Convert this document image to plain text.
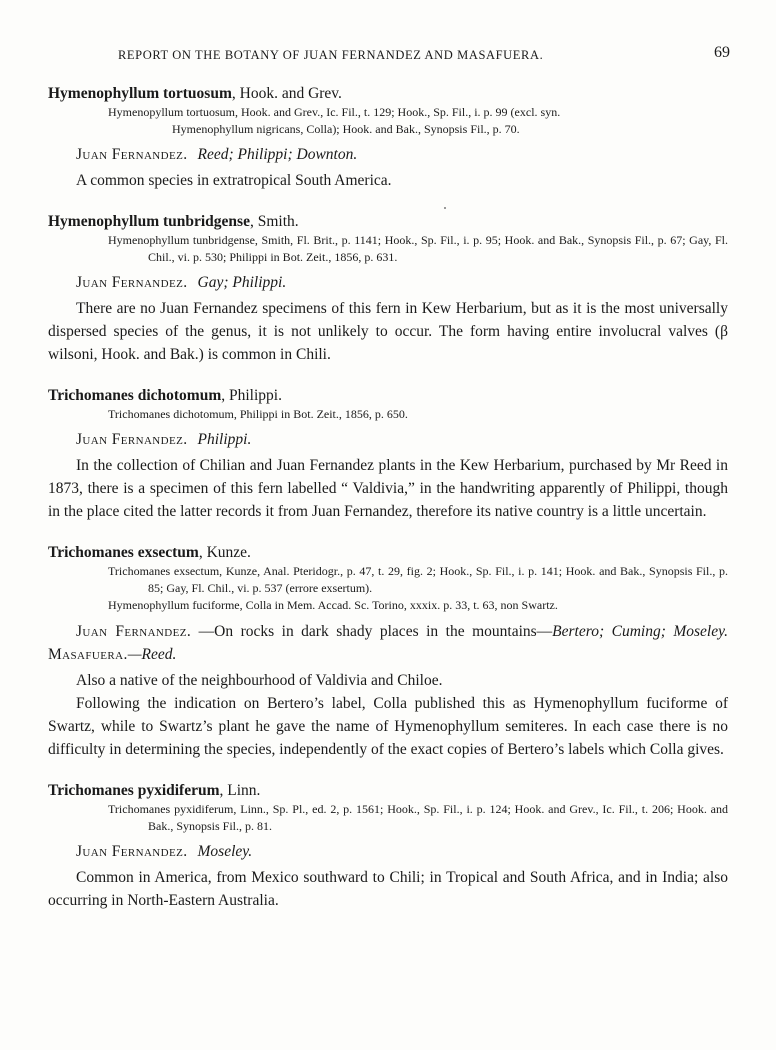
REPORT ON THE BOTANY OF JUAN FERNANDEZ AND MASAFUERA.	69
Hymenophyllum tortuosum, Hook. and Grev.
Hymenopyllum tortuosum, Hook. and Grev., Ic. Fil., t. 129; Hook., Sp. Fil., i. p. 99 (excl. syn.
Hymenophyllum nigricans, Colla); Hook. and Bak., Synopsis Fil., p. 70.
Juan Fernandez. Reed; Philippi; Downton.

A common species in extratropical South America.

Hymenophyllum tunbridgense, Smith.
Hymenophyllum tunbridgense, Smith, Fl. Brit., p. 1141; Hook., Sp. Fil., i. p. 95; Hook. and Bak., Synopsis Fil., p. 67; Gay, Fl. Chil., vi. p. 530; Philippi in Bot. Zeit., 1856, p. 631.
Juan Fernandez. Gay; Philippi.

There are no Juan Fernandez specimens of this fern in Kew Herbarium, but as it is the most universally dispersed species of the genus, it is not unlikely to occur. The form having entire involucral valves (β wilsoni, Hook. and Bak.) is common in Chili.

Trichomanes dichotomum, Philippi.
Trichomanes dichotomum, Philippi in Bot. Zeit., 1856, p. 650.
Juan Fernandez. Philippi.

In the collection of Chilian and Juan Fernandez plants in the Kew Herbarium, purchased by Mr Reed in 1873, there is a specimen of this fern labelled “ Valdivia,” in the handwriting apparently of Philippi, though in the place cited the latter records it from Juan Fernandez, therefore its native country is a little uncertain.

Trichomanes exsectum, Kunze.
Trichomanes exsectum, Kunze, Anal. Pteridogr., p. 47, t. 29, fig. 2; Hook., Sp. Fil., i. p. 141; Hook. and Bak., Synopsis Fil., p. 85; Gay, Fl. Chil., vi. p. 537 (errore exsertum).
Hymenophyllum fuciforme, Colla in Mem. Accad. Sc. Torino, xxxix. p. 33, t. 63, non Swartz.

Juan Fernandez. —On rocks in dark shady places in the mountains—Bertero; Cuming; Moseley. Masafuera.—Reed.

Also a native of the neighbourhood of Valdivia and Chiloe.

Following the indication on Bertero’s label, Colla published this as Hymenophyllum fuciforme of Swartz, while to Swartz’s plant he gave the name of Hymenophyllum semiteres. In each case there is no difficulty in determining the species, independently of the exact copies of Bertero’s labels which Colla gives.

Trichomanes pyxidiferum, Linn.
Trichomanes pyxidiferum, Linn., Sp. Pl., ed. 2, p. 1561; Hook., Sp. Fil., i. p. 124; Hook. and Grev., Ic. Fil., t. 206; Hook. and Bak., Synopsis Fil., p. 81.
Juan Fernandez. Moseley.

Common in America, from Mexico southward to Chili; in Tropical and South Africa, and in India; also occurring in North-Eastern Australia.
